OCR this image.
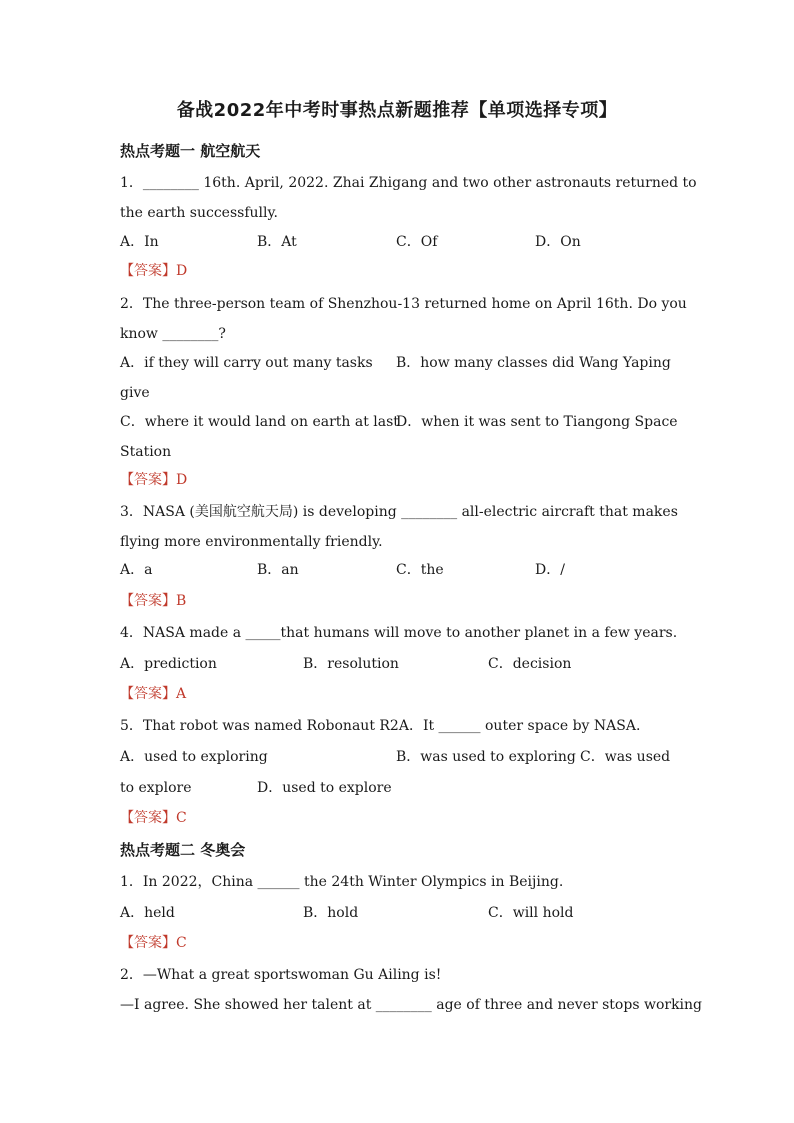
备战2022年中考时事热点新题推荐【单项选择专项】
热点考题一 航空航天
1．________ 16th. April, 2022. Zhai Zhigang and two other astronauts returned to
the earth successfully.
A．In	B．At	C．Of	D．On
【答案】D
2．The three-person team of Shenzhou-13 returned home on April 16th. Do you
know ________?
A．if they will carry out many tasks B．how many classes did Wang Yaping
give
C．where it would land on earth at last
D．when it was sent to Tiangong Space
Station
【答案】D
3．NASA (美国航空航天局) is developing ________ all-electric aircraft that makes
flying more environmentally friendly.
A．a	B．an	C．the	D．/
【答案】B
4．NASA made a _____that humans will move to another planet in a few years.
A．prediction	B．resolution	C．decision
【答案】A
5．That robot was named Robonaut R2A．It ______ outer space by NASA.
A．used to exploring	B．was used to exploring C．was used
to explore	D．used to explore
【答案】C
热点考题二 冬奥会
1．In 2022，China ______ the 24th Winter Olympics in Beijing.
A．held	B．hold	C．will hold
【答案】C
2．—What a great sportswoman Gu Ailing is!
—I agree. She showed her talent at ________ age of three and never stops working
